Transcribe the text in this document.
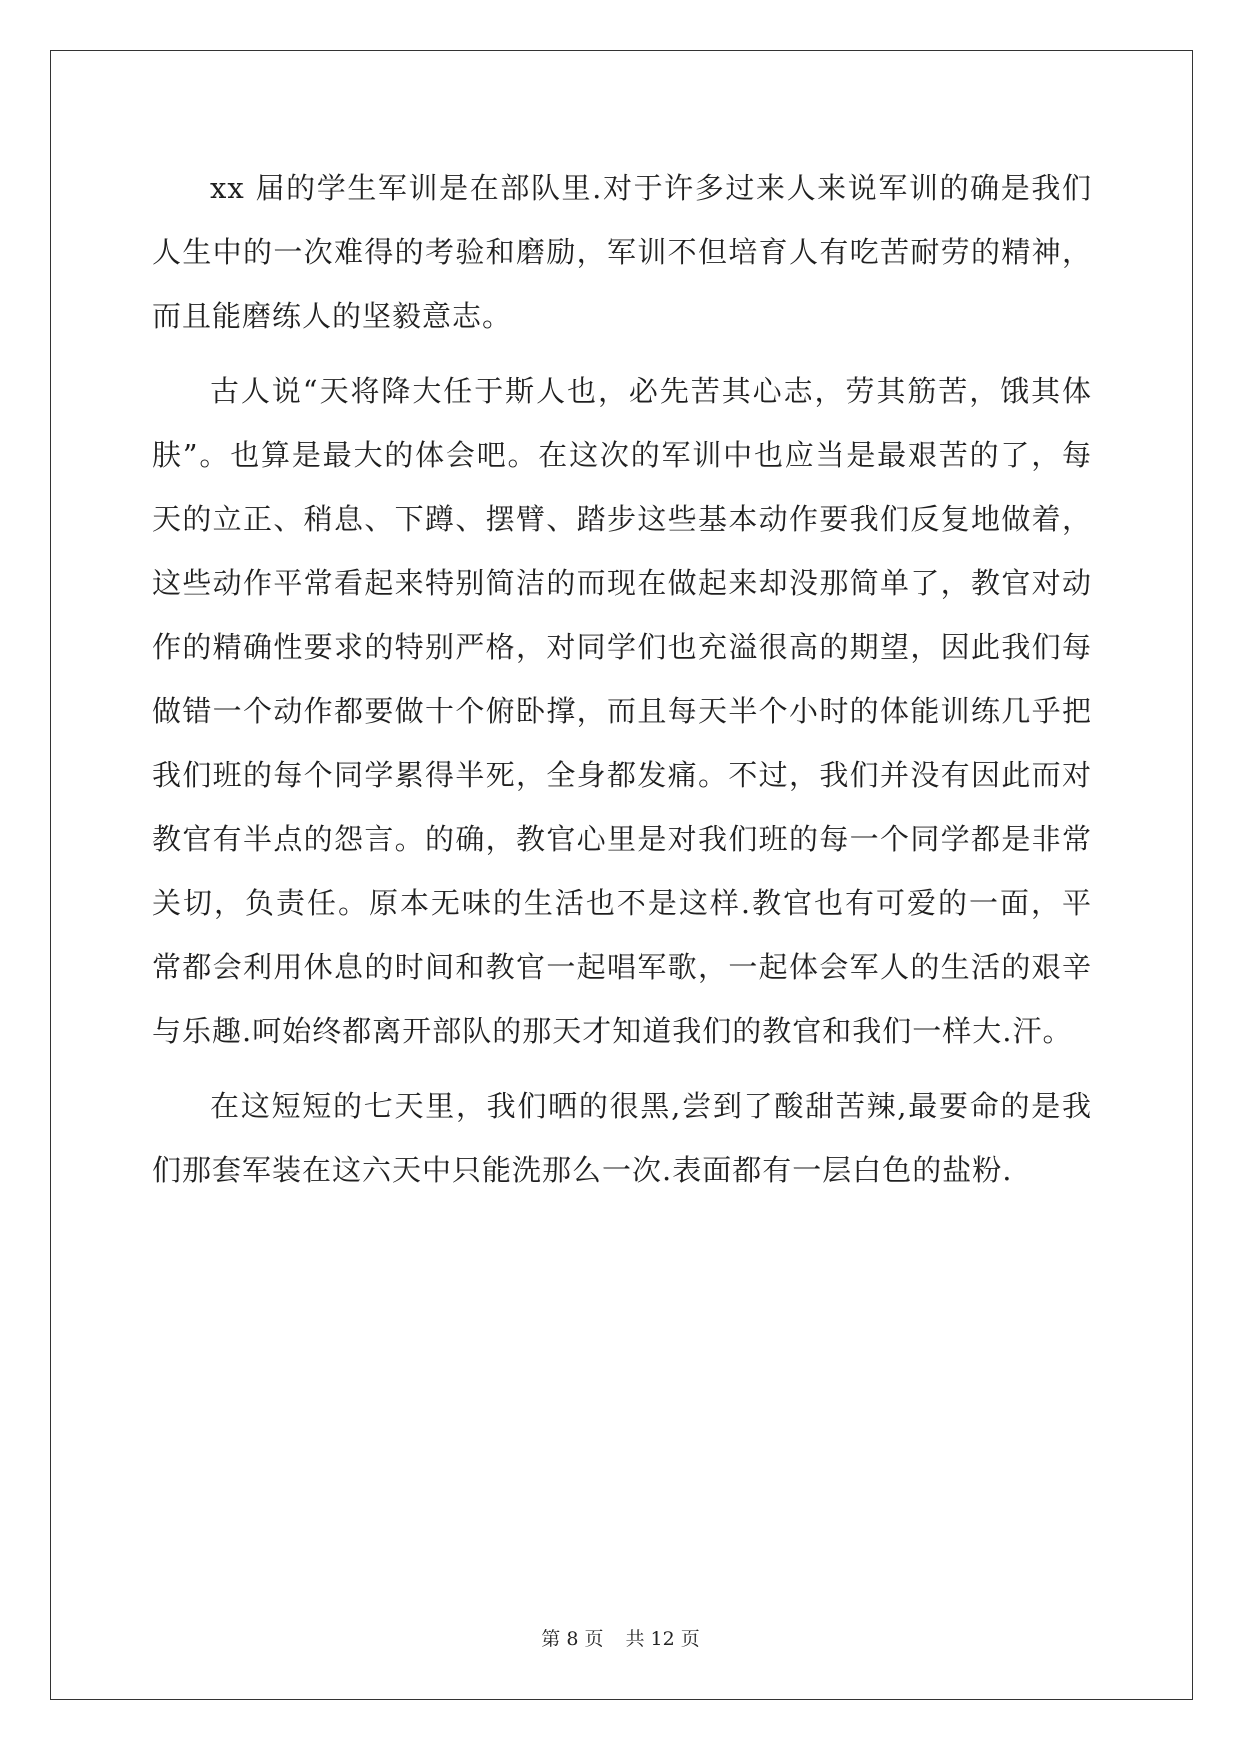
xx 届的学生军训是在部队里.对于许多过来人来说军训的确是我们人生中的一次难得的考验和磨励，军训不但培育人有吃苦耐劳的精神，而且能磨练人的坚毅意志。

古人说“天将降大任于斯人也，必先苦其心志，劳其筋苦，饿其体肤”。也算是最大的体会吧。在这次的军训中也应当是最艰苦的了，每天的立正、稍息、下蹲、摆臂、踏步这些基本动作要我们反复地做着，这些动作平常看起来特别简洁的而现在做起来却没那简单了，教官对动作的精确性要求的特别严格，对同学们也充溢很高的期望，因此我们每做错一个动作都要做十个俯卧撑，而且每天半个小时的体能训练几乎把我们班的每个同学累得半死，全身都发痛。不过，我们并没有因此而对教官有半点的怨言。的确，教官心里是对我们班的每一个同学都是非常关切，负责任。原本无味的生活也不是这样.教官也有可爱的一面，平常都会利用休息的时间和教官一起唱军歌，一起体会军人的生活的艰辛与乐趣.呵始终都离开部队的那天才知道我们的教官和我们一样大.汗。

在这短短的七天里，我们晒的很黑,尝到了酸甜苦辣,最要命的是我们那套军装在这六天中只能洗那么一次.表面都有一层白色的盐粉.

第 8 页 共 12 页
